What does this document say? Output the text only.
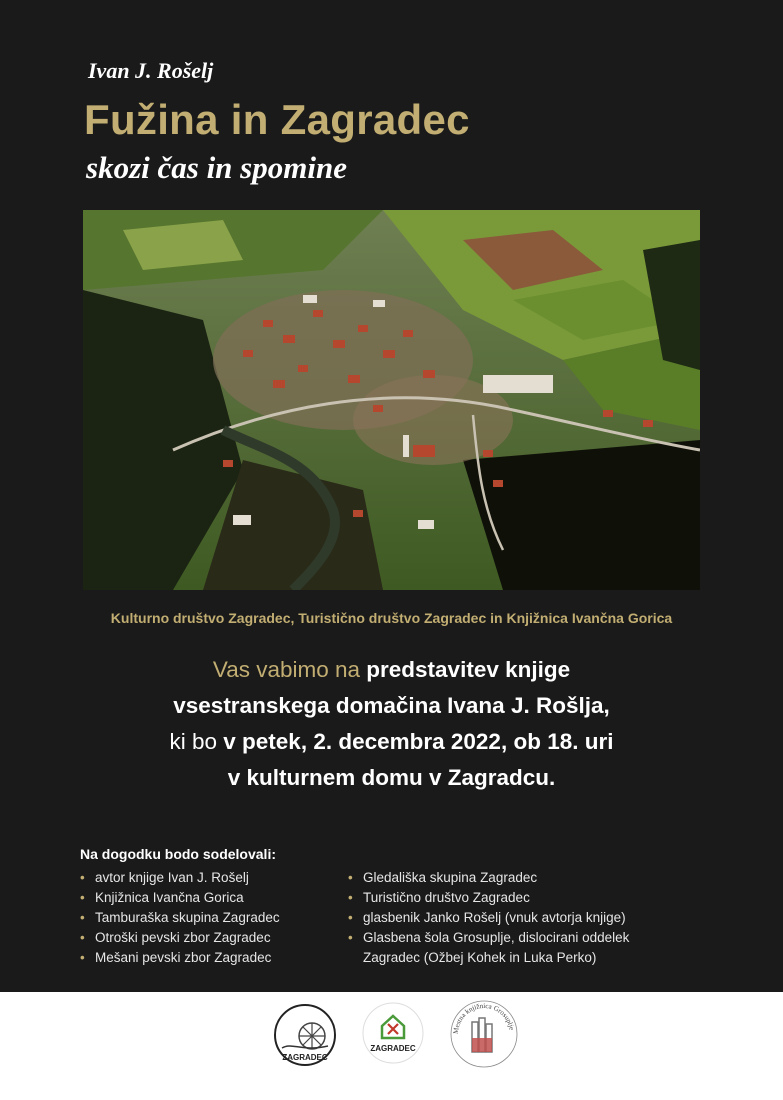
Ivan J. Rošelj
Fužina in Zagradec
skozi čas in spomine
Kulturno društvo Zagradec, Turistično društvo Zagradec in Knjižnica Ivančna Gorica
Vas vabimo na predstavitev knjige
vsestranskega domačina Ivana J. Rošlja,
ki bo v petek, 2. decembra 2022, ob 18. uri
v kulturnem domu v Zagradcu.
Na dogodku bodo sodelovali:
• avtor knjige Ivan J. Rošelj
• Knjižnica Ivančna Gorica
• Tamburaška skupina Zagradec
• Otroški pevski zbor Zagradec
• Mešani pevski zbor Zagradec
• Gledališka skupina Zagradec
• Turistično društvo Zagradec
• glasbenik Janko Rošelj (vnuk avtorja knjige)
• Glasbena šola Grosuplje, dislocirani oddelek Zagradec (Ožbej Kohek in Luka Perko)
ZAGRADEC
ZAGRADEC
Mestna knjižnica Grosuplje
